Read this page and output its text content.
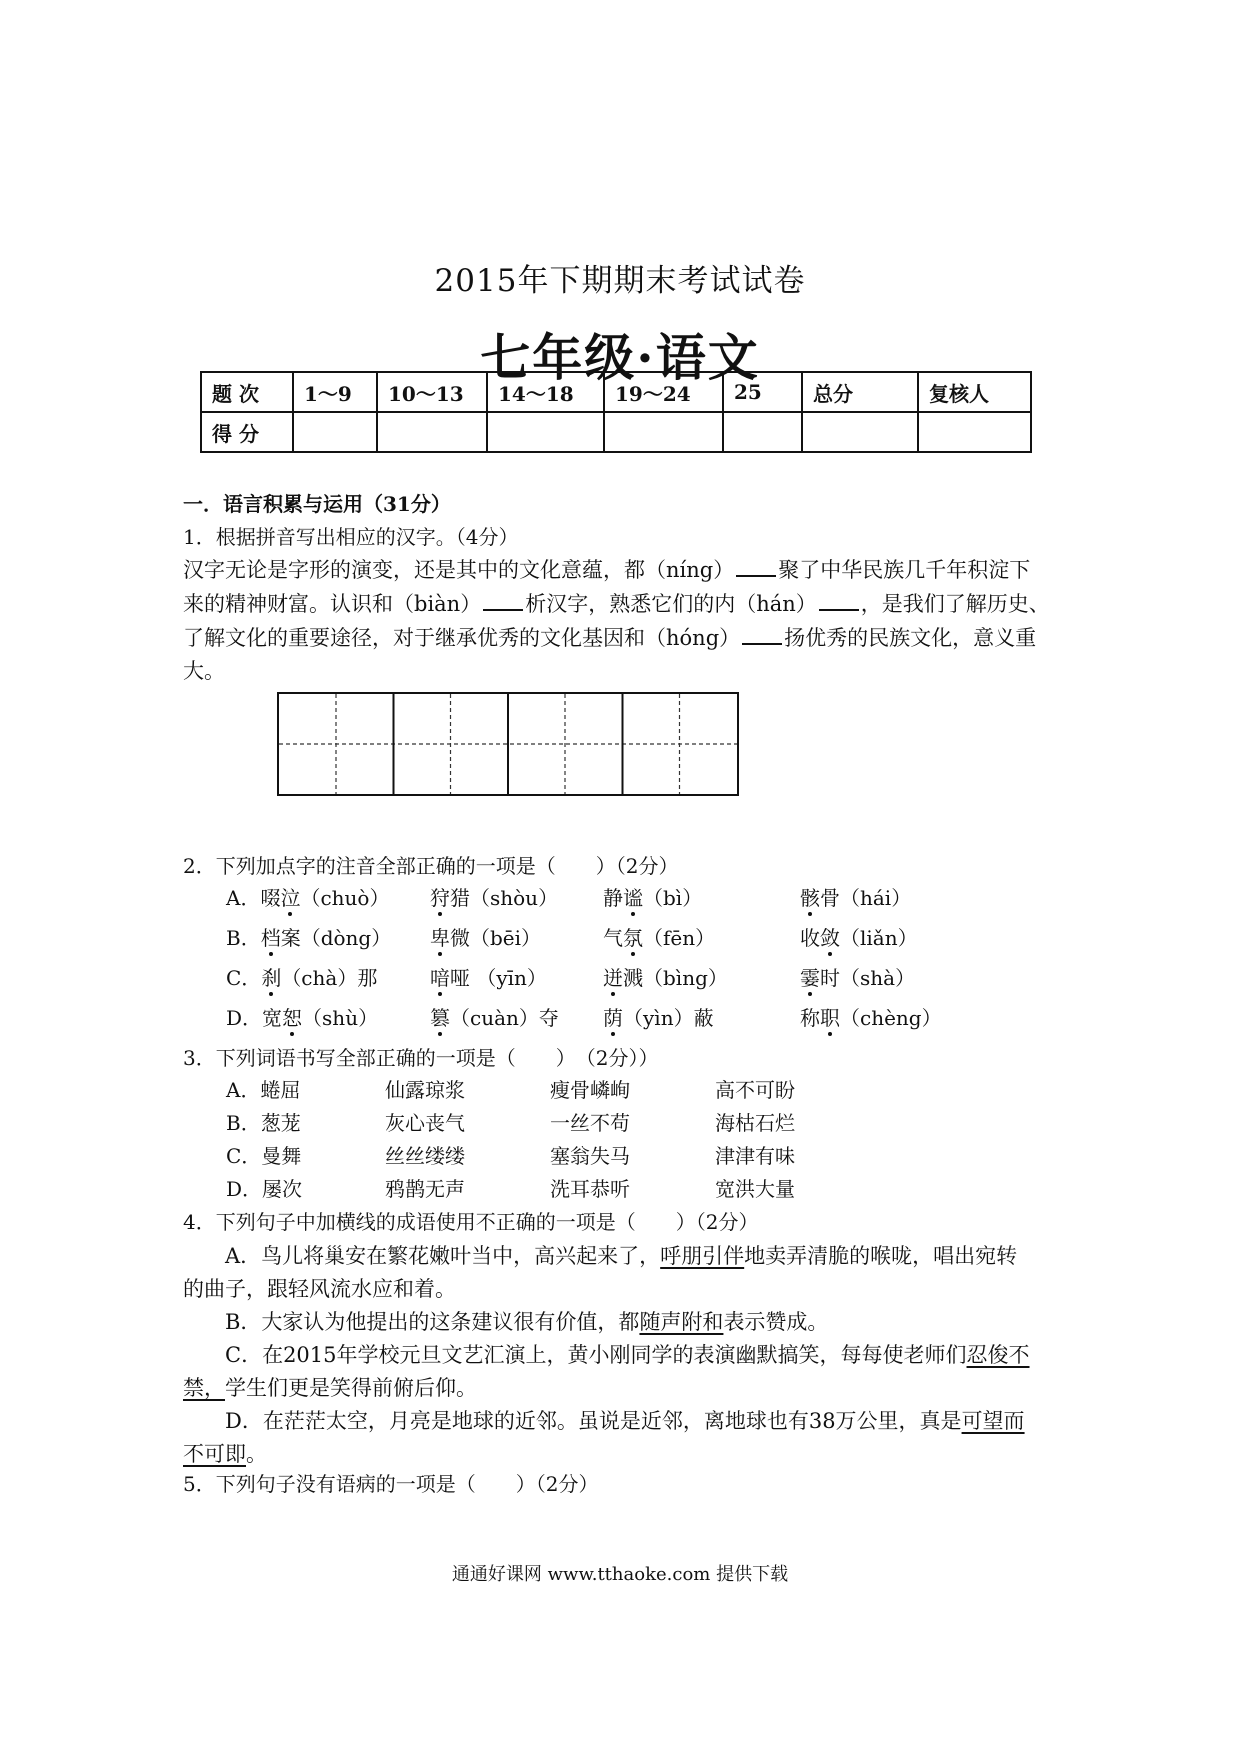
2015年下期期末考试试卷
七年级·语文
题 次	1～9	10～13	14～18	19～24	25	总分	复核人
得 分							
一．语言积累与运用（31分）
1．根据拼音写出相应的汉字。（4分）
汉字无论是字形的演变，还是其中的文化意蕴，都（níng） 聚了中华民族几千年积淀下
来的精神财富。认识和（biàn） 析汉字，熟悉它们的内（hán） ，是我们了解历史、
了解文化的重要途径，对于继承优秀的文化基因和（hóng） 扬优秀的民族文化，意义重
大。
2．下列加点字的注音全部正确的一项是（　　）（2分）
A．啜泣（chuò） 狩猎（shòu） 静谧（bì）	骸骨（hái）
B．档案（dòng） 卑微（bēi）	气氛（fēn）	收敛（liǎn）
C．刹（chà）那	喑哑 （yīn）	迸溅（bìng）	霎时（shà）
D．宽恕（shù）	篡（cuàn）夺 荫（yìn）蔽	称职（chèng）
3．下列词语书写全部正确的一项是（　　）　（2分））
A．蜷屈	仙露琼浆	瘦骨嶙峋	高不可盼
B．葱茏	灰心丧气	一丝不苟	海枯石烂
C．曼舞	丝丝缕缕	塞翁失马	津津有味
D．屡次	鸦鹊无声	洗耳恭听	宽洪大量
4．下列句子中加横线的成语使用不正确的一项是（　　）（2分）
A．鸟儿将巢安在繁花嫩叶当中，高兴起来了，呼朋引伴地卖弄清脆的喉咙，唱出宛转
的曲子，跟轻风流水应和着。
B．大家认为他提出的这条建议很有价值，都随声附和表示赞成。
C．在2015年学校元旦文艺汇演上，黄小刚同学的表演幽默搞笑，每每使老师们忍俊不
禁，学生们更是笑得前俯后仰。
D．在茫茫太空，月亮是地球的近邻。虽说是近邻，离地球也有38万公里，真是可望而
不可即。
5．下列句子没有语病的一项是（　　）（2分）
通通好课网 www.tthaoke.com 提供下载
